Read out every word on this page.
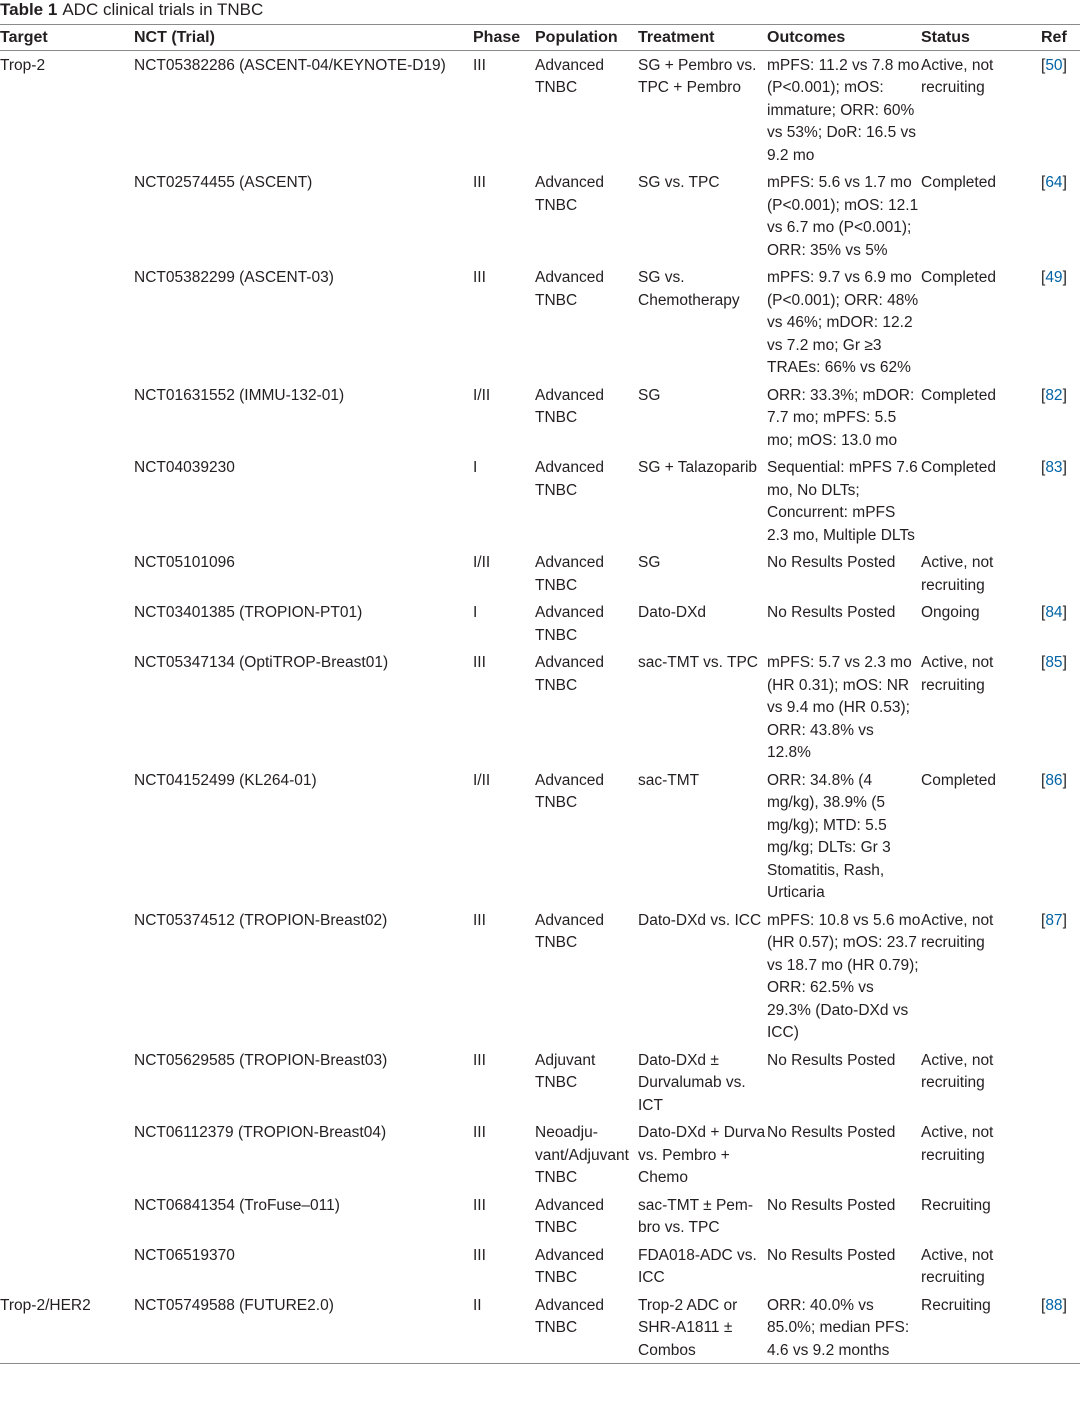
Table 1 ADC clinical trials in TNBC
Target	NCT (Trial)	Phase	Population	Treatment	Outcomes	Status	Ref
Trop-2	NCT05382286 (ASCENT-04/KEYNOTE-D19)	III	Advanced TNBC	SG + Pembro vs. TPC + Pembro	mPFS: 11.2 vs 7.8 mo (P<0.001); mOS: immature; ORR: 60% vs 53%; DoR: 16.5 vs 9.2 mo	Active, not recruiting	[50]
	NCT02574455 (ASCENT)	III	Advanced TNBC	SG vs. TPC	mPFS: 5.6 vs 1.7 mo (P<0.001); mOS: 12.1 vs 6.7 mo (P<0.001); ORR: 35% vs 5%	Completed	[64]
	NCT05382299 (ASCENT-03)	III	Advanced TNBC	SG vs. Chemotherapy	mPFS: 9.7 vs 6.9 mo (P<0.001); ORR: 48% vs 46%; mDOR: 12.2 vs 7.2 mo; Gr ≥3 TRAEs: 66% vs 62%	Completed	[49]
	NCT01631552 (IMMU-132-01)	I/II	Advanced TNBC	SG	ORR: 33.3%; mDOR: 7.7 mo; mPFS: 5.5 mo; mOS: 13.0 mo	Completed	[82]
	NCT04039230	I	Advanced TNBC	SG + Talazoparib	Sequential: mPFS 7.6 mo, No DLTs; Concurrent: mPFS 2.3 mo, Multiple DLTs	Completed	[83]
	NCT05101096	I/II	Advanced TNBC	SG	No Results Posted	Active, not recruiting	
	NCT03401385 (TROPION-PT01)	I	Advanced TNBC	Dato-DXd	No Results Posted	Ongoing	[84]
	NCT05347134 (OptiTROP-Breast01)	III	Advanced TNBC	sac-TMT vs. TPC	mPFS: 5.7 vs 2.3 mo (HR 0.31); mOS: NR vs 9.4 mo (HR 0.53); ORR: 43.8% vs 12.8%	Active, not recruiting	[85]
	NCT04152499 (KL264-01)	I/II	Advanced TNBC	sac-TMT	ORR: 34.8% (4 mg/kg), 38.9% (5 mg/kg); MTD: 5.5 mg/kg; DLTs: Gr 3 Stomatitis, Rash, Urticaria	Completed	[86]
	NCT05374512 (TROPION-Breast02)	III	Advanced TNBC	Dato-DXd vs. ICC	mPFS: 10.8 vs 5.6 mo (HR 0.57); mOS: 23.7 vs 18.7 mo (HR 0.79); ORR: 62.5% vs 29.3% (Dato-DXd vs ICC)	Active, not recruiting	[87]
	NCT05629585 (TROPION-Breast03)	III	Adjuvant TNBC	Dato-DXd ± Durvalumab vs. ICT	No Results Posted	Active, not recruiting	
	NCT06112379 (TROPION-Breast04)	III	Neoadjuvant/Adjuvant TNBC	Dato-DXd + Durva vs. Pembro + Chemo	No Results Posted	Active, not recruiting	
	NCT06841354 (TroFuse–011)	III	Advanced TNBC	sac-TMT ± Pembro vs. TPC	No Results Posted	Recruiting	
	NCT06519370	III	Advanced TNBC	FDA018-ADC vs. ICC	No Results Posted	Active, not recruiting	
Trop-2/HER2	NCT05749588 (FUTURE2.0)	II	Advanced TNBC	Trop-2 ADC or SHR-A1811 ± Combos	ORR: 40.0% vs 85.0%; median PFS: 4.6 vs 9.2 months	Recruiting	[88]
